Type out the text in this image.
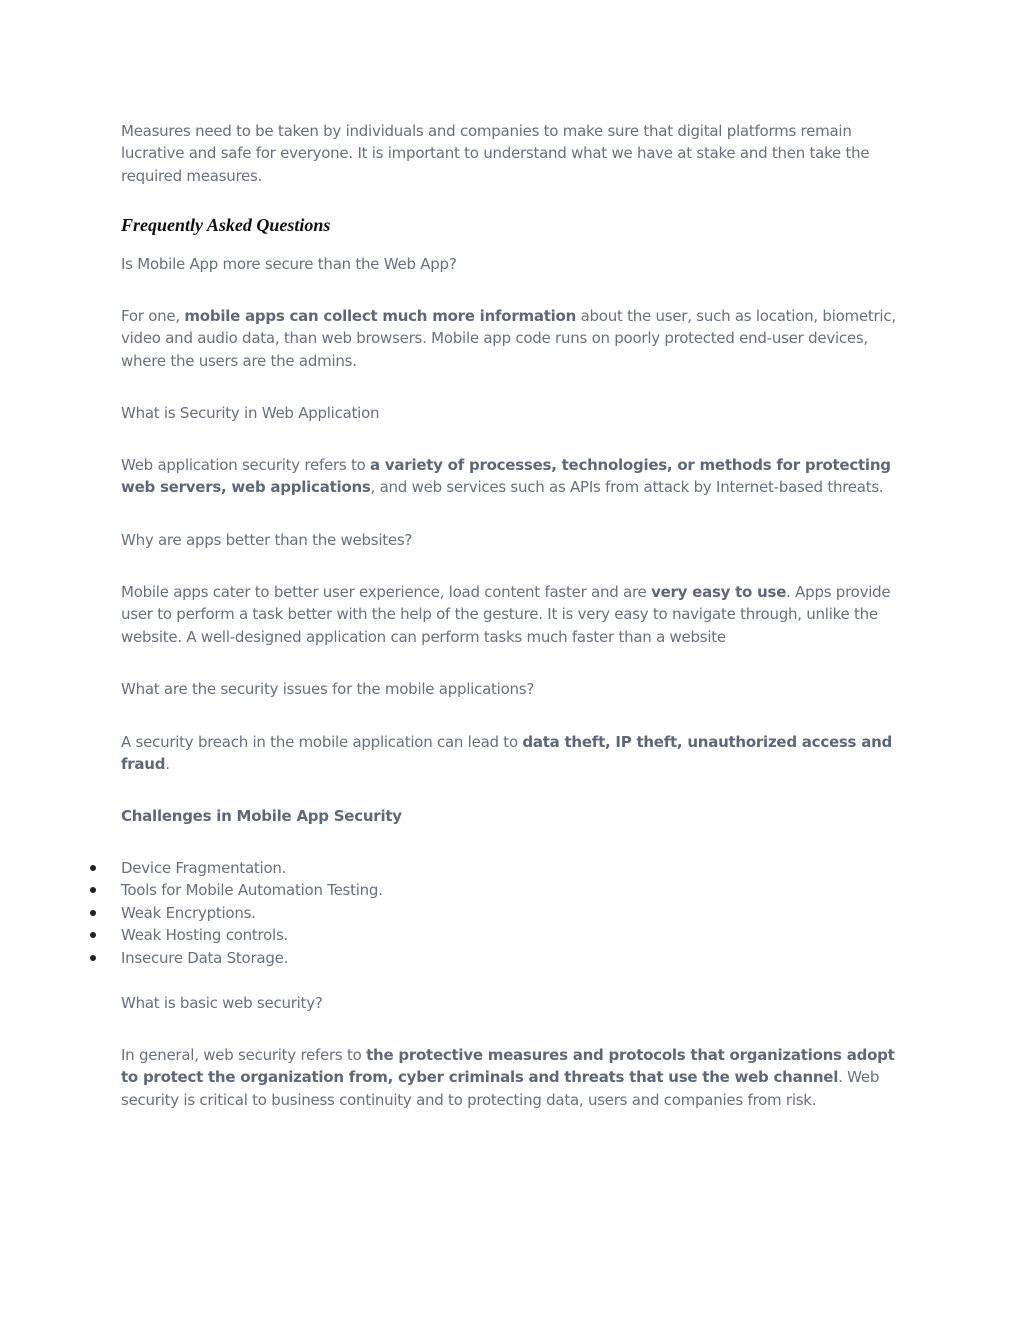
Measures need to be taken by individuals and companies to make sure that digital platforms remain lucrative and safe for everyone. It is important to understand what we have at stake and then take the required measures.

Frequently Asked Questions

Is Mobile App more secure than the Web App?

For one, mobile apps can collect much more information about the user, such as location, biometric, video and audio data, than web browsers. Mobile app code runs on poorly protected end-user devices, where the users are the admins.

What is Security in Web Application

Web application security refers to a variety of processes, technologies, or methods for protecting web servers, web applications, and web services such as APIs from attack by Internet-based threats.

Why are apps better than the websites?

Mobile apps cater to better user experience, load content faster and are very easy to use. Apps provide user to perform a task better with the help of the gesture. It is very easy to navigate through, unlike the website. A well-designed application can perform tasks much faster than a website

What are the security issues for the mobile applications?

A security breach in the mobile application can lead to data theft, IP theft, unauthorized access and fraud.

Challenges in Mobile App Security

Device Fragmentation.
Tools for Mobile Automation Testing.
Weak Encryptions.
Weak Hosting controls.
Insecure Data Storage.

What is basic web security?

In general, web security refers to the protective measures and protocols that organizations adopt to protect the organization from, cyber criminals and threats that use the web channel. Web security is critical to business continuity and to protecting data, users and companies from risk.
